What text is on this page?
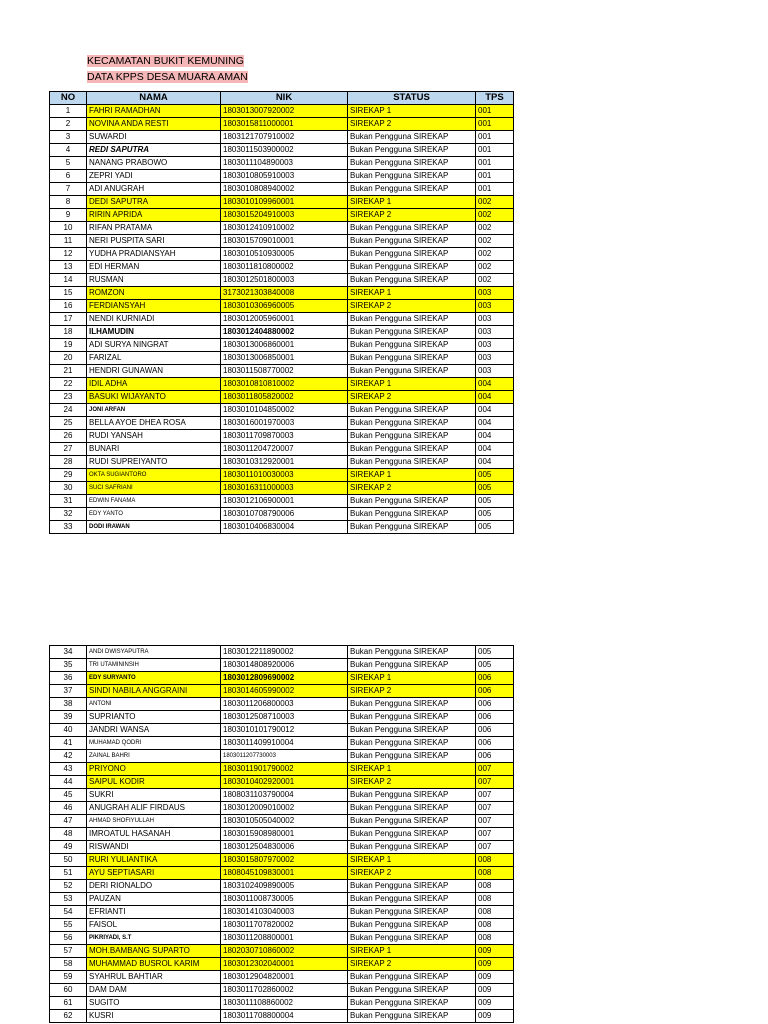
KECAMATAN BUKIT KEMUNING
DATA KPPS DESA MUARA AMAN
NO	NAMA	NIK	STATUS	TPS
1	FAHRI RAMADHAN	1803013007920002	SIREKAP 1	001
2	NOVINA ANDA RESTI	1803015811000001	SIREKAP 2	001
3	SUWARDI	1803121707910002	Bukan Pengguna SIREKAP	001
4	REDI SAPUTRA	1803011503900002	Bukan Pengguna SIREKAP	001
5	NANANG PRABOWO	1803011104890003	Bukan Pengguna SIREKAP	001
6	ZEPRI YADI	1803010805910003	Bukan Pengguna SIREKAP	001
7	ADI ANUGRAH	1803010808940002	Bukan Pengguna SIREKAP	001
8	DEDI SAPUTRA	1803010109960001	SIREKAP 1	002
9	RIRIN APRIDA	1803015204910003	SIREKAP 2	002
10	RIFAN PRATAMA	1803012410910002	Bukan Pengguna SIREKAP	002
11	NERI PUSPITA SARI	1803015709010001	Bukan Pengguna SIREKAP	002
12	YUDHA PRADIANSYAH	1803010510930005	Bukan Pengguna SIREKAP	002
13	EDI HERMAN	1803011810800002	Bukan Pengguna SIREKAP	002
14	RUSMAN	1803012501800003	Bukan Pengguna SIREKAP	002
15	ROMZON	3173021303840008	SIREKAP 1	003
16	FERDIANSYAH	1803010306960005	SIREKAP 2	003
17	NENDI KURNIADI	1803012005960001	Bukan Pengguna SIREKAP	003
18	ILHAMUDIN	1803012404880002	Bukan Pengguna SIREKAP	003
19	ADI SURYA NINGRAT	1803013006860001	Bukan Pengguna SIREKAP	003
20	FARIZAL	1803013006850001	Bukan Pengguna SIREKAP	003
21	HENDRI GUNAWAN	1803011508770002	Bukan Pengguna SIREKAP	003
22	IDIL ADHA	1803010810810002	SIREKAP 1	004
23	BASUKI WIJAYANTO	1803011805820002	SIREKAP 2	004
24	JONI ARFAN	1803010104850002	Bukan Pengguna SIREKAP	004
25	BELLA AYOE DHEA ROSA	1803016001970003	Bukan Pengguna SIREKAP	004
26	RUDI YANSAH	1803011709870003	Bukan Pengguna SIREKAP	004
27	BUNARI	1803011204720007	Bukan Pengguna SIREKAP	004
28	RUDI SUPREIYANTO	1803010312920001	Bukan Pengguna SIREKAP	004
29	OKTA SUGIANTORO	1803011010030003	SIREKAP 1	005
30	SUCI SAFRIANI	1803016311000003	SIREKAP 2	005
31	EDWIN FANAMA	1803012106900001	Bukan Pengguna SIREKAP	005
32	EDY YANTO	1803010708790006	Bukan Pengguna SIREKAP	005
33	DODI IRAWAN	1803010406830004	Bukan Pengguna SIREKAP	005
34	ANDI DWISYAPUTRA	1803012211890002	Bukan Pengguna SIREKAP	005
35	TRI UTAMININSIH	1803014808920006	Bukan Pengguna SIREKAP	005
36	EDY SURYANTO	1803012809690002	SIREKAP 1	006
37	SINDI NABILA ANGGRAINI	1803014605990002	SIREKAP 2	006
38	ANTONI	1803011206800003	Bukan Pengguna SIREKAP	006
39	SUPRIANTO	1803012508710003	Bukan Pengguna SIREKAP	006
40	JANDRI WANSA	1803010101790012	Bukan Pengguna SIREKAP	006
41	MUHAMAD QODRI	1803011409910004	Bukan Pengguna SIREKAP	006
42	ZAINAL BAHRI	1803011207730003	Bukan Pengguna SIREKAP	006
43	PRIYONO	1803011901790002	SIREKAP 1	007
44	SAIPUL KODIR	1803010402920001	SIREKAP 2	007
45	SUKRI	1808031103790004	Bukan Pengguna SIREKAP	007
46	ANUGRAH ALIF FIRDAUS	1803012009010002	Bukan Pengguna SIREKAP	007
47	AHMAD SHOFIYULLAH	1803010505040002	Bukan Pengguna SIREKAP	007
48	IMROATUL HASANAH	1803015908980001	Bukan Pengguna SIREKAP	007
49	RISWANDI	1803012504830006	Bukan Pengguna SIREKAP	007
50	RURI YULIANTIKA	1803015807970002	SIREKAP 1	008
51	AYU SEPTIASARI	1808045109830001	SIREKAP 2	008
52	DERI RIONALDO	1803102409890005	Bukan Pengguna SIREKAP	008
53	PAUZAN	1803011008730005	Bukan Pengguna SIREKAP	008
54	EFRIANTI	1803014103040003	Bukan Pengguna SIREKAP	008
55	FAISOL	1803011707820002	Bukan Pengguna SIREKAP	008
56	PIKRIYADI, S.T	1803011208800001	Bukan Pengguna SIREKAP	008
57	MOH.BAMBANG SUPARTO	1802030710860002	SIREKAP 1	009
58	MUHAMMAD BUSROL KARIM	1803012302040001	SIREKAP 2	009
59	SYAHRUL BAHTIAR	1803012904820001	Bukan Pengguna SIREKAP	009
60	DAM DAM	1803011702860002	Bukan Pengguna SIREKAP	009
61	SUGITO	1803011108860002	Bukan Pengguna SIREKAP	009
62	KUSRI	1803011708800004	Bukan Pengguna SIREKAP	009
